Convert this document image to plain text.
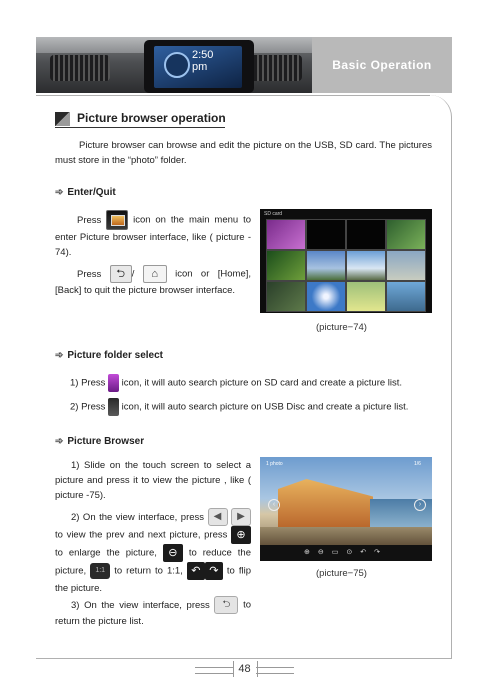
2:50
pm	Basic Operation
Picture browser operation
Picture browser can browse and edit the picture on the USB, SD card. The pictures must store in the “photo” folder.
➾ Enter/Quit
Press	icon on the main menu to enter Picture browser interface, like ( picture - 74).
Press ⮌ / ⌂ icon or [Home], [Back] to quit the picture browser interface.
SD card
(picture−74)
➾ Picture folder select
1) Press icon, it will auto search picture on SD card and create a picture list.
2) Press icon, it will auto search picture on USB Disc and create a picture list.
➾ Picture Browser
1) Slide on the touch screen to select a picture and press it to view the picture , like ( picture -75).
2) On the view interface, press ◀ ▶ to view the prev and next picture, press ⊕ to enlarge the picture, ⊖ to reduce the picture, 1:1 to return to 1:1, ↶ ↷ to flip the picture.
3) On the view interface, press ⮌ to return the picture list.
1 photo	1/6
‹	›
⊕⊖▭⊙↶↷
(picture−75)
48
